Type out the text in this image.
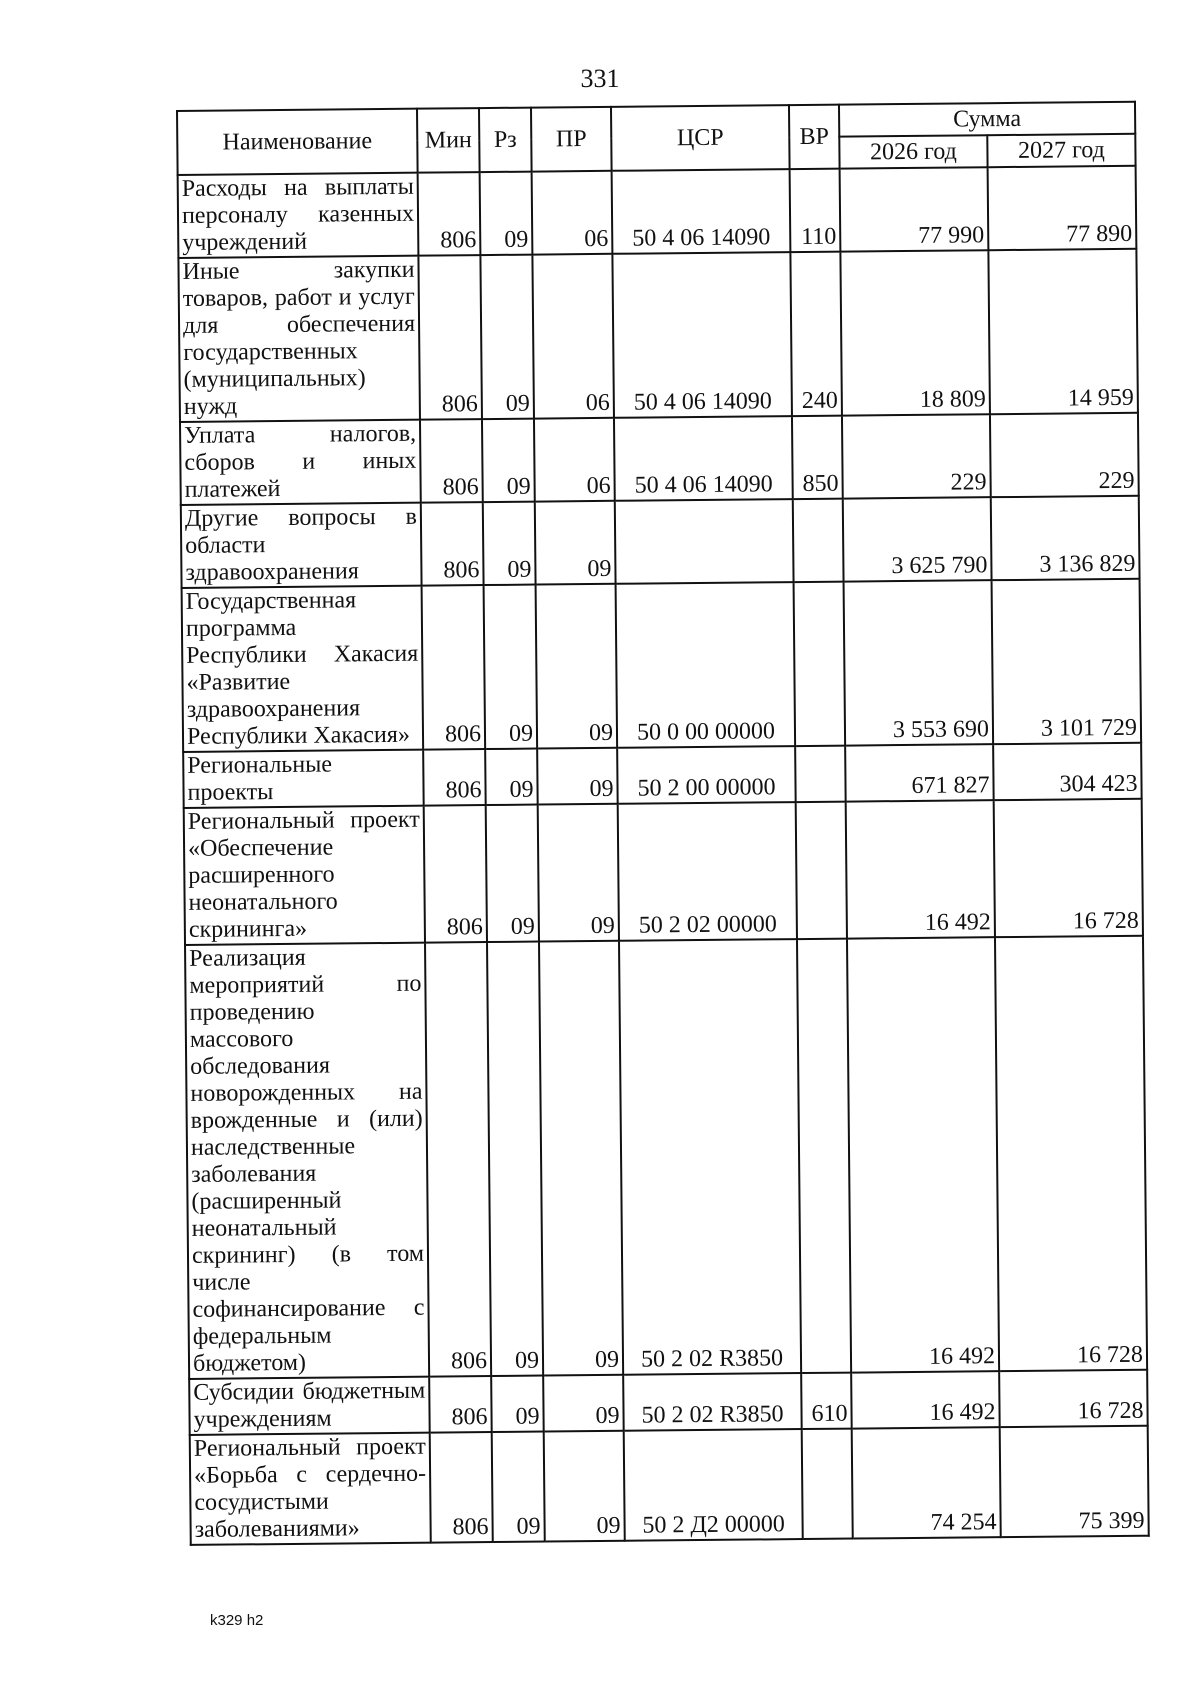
331
Наименование	Мин	Рз	ПР	ЦСР	ВР	Сумма	
						2026 год	2027 год
Расходы на выплаты персоналу казенных учреждений	806	09	06	50 4 06 14090	110	77 990	77 890
Иные закупки товаров, работ и услуг для обеспечения государственных (муниципальных) нужд	806	09	06	50 4 06 14090	240	18 809	14 959
Уплата налогов, сборов и иных платежей	806	09	06	50 4 06 14090	850	229	229
Другие вопросы в области здравоохранения	806	09	09			3 625 790	3 136 829
Государственная программа Республики Хакасия «Развитие здравоохранения Республики Хакасия»	806	09	09	50 0 00 00000		3 553 690	3 101 729
Региональные проекты	806	09	09	50 2 00 00000		671 827	304 423
Региональный проект «Обеспечение расширенного неонатального скрининга»	806	09	09	50 2 02 00000		16 492	16 728
Реализация мероприятий по проведению массового обследования новорожденных на врожденные и (или) наследственные заболевания (расширенный неонатальный скрининг) (в том числе софинансирование с федеральным бюджетом)	806	09	09	50 2 02 R3850		16 492	16 728
Субсидии бюджетным учреждениям	806	09	09	50 2 02 R3850	610	16 492	16 728
Региональный проект «Борьба с сердечно-сосудистыми заболеваниями»	806	09	09	50 2 Д2 00000		74 254	75 399
k329 h2
